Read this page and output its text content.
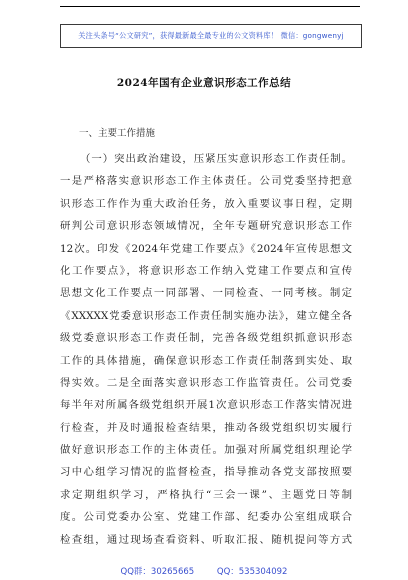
关注头条号“公文研究”，获得最新最全最专业的公文资料库！ 微信：gongwenyj
2024年国有企业意识形态工作总结
一、主要工作措施
（一）突出政治建设，压紧压实意识形态工作责任制。
一是严格落实意识形态工作主体责任。公司党委坚持把意
识形态工作作为重大政治任务，放入重要议事日程，定期
研判公司意识形态领域情况，全年专题研究意识形态工作
12次。印发《2024年党建工作要点》《2024年宣传思想文
化工作要点》，将意识形态工作纳入党建工作要点和宣传
思想文化工作要点一同部署、一同检查、一同考核。制定
《XXXXX党委意识形态工作责任制实施办法》，建立健全各
级党委意识形态工作责任制，完善各级党组织抓意识形态
工作的具体措施，确保意识形态工作责任制落到实处、取
得实效。二是全面落实意识形态工作监管责任。公司党委
每半年对所属各级党组织开展1次意识形态工作落实情况进
行检查，并及时通报检查结果，推动各级党组织切实履行
做好意识形态工作的主体责任。加强对所属党组织理论学
习中心组学习情况的监督检查，指导推动各党支部按照要
求定期组织学习，严格执行“三会一课”、主题党日等制
度。公司党委办公室、党建工作部、纪委办公室组成联合
检查组，通过现场查看资料、听取汇报、随机提问等方式
QQ群：30265665	QQ：535304092
